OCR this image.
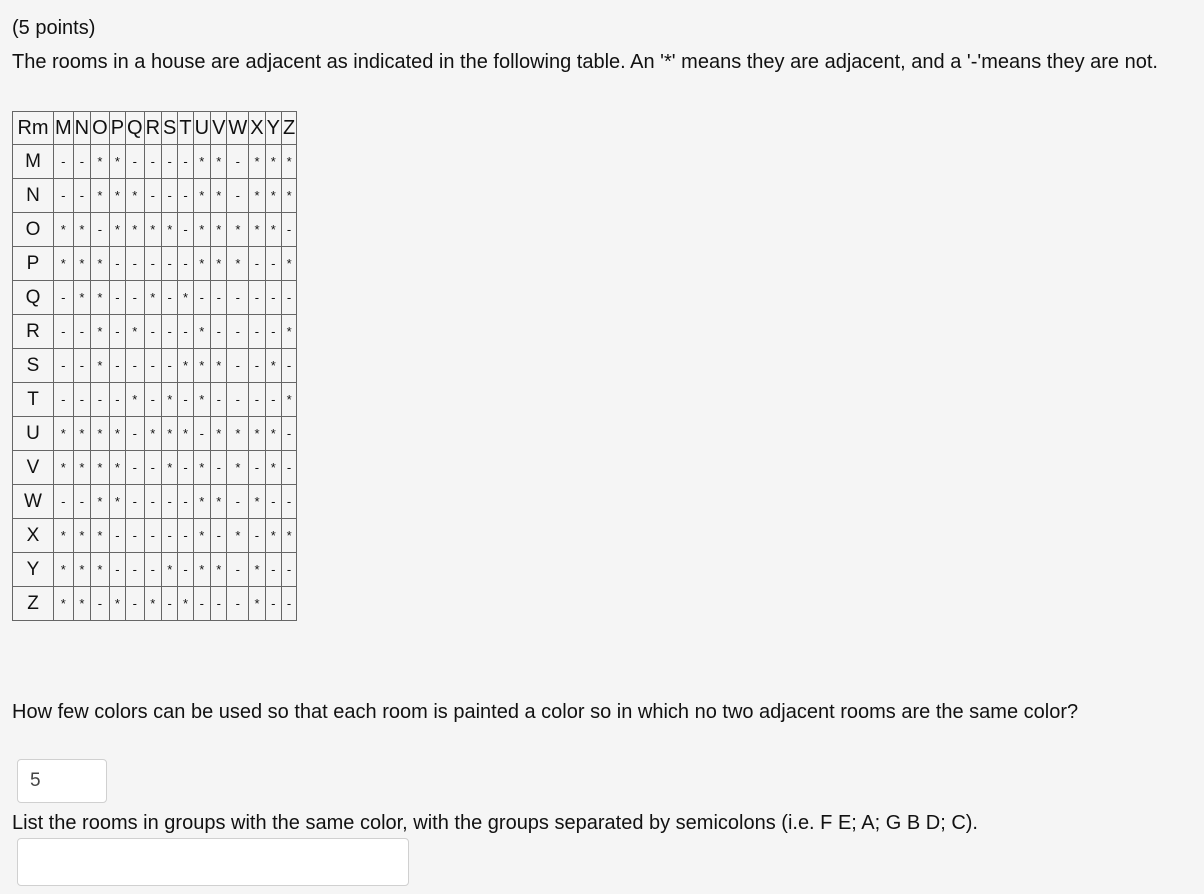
(5 points)
The rooms in a house are adjacent as indicated in the following table. An '*' means they are adjacent, and a '-'means they are not.
Rm	M	N	O	P	Q	R	S	T	U	V	W	X	Y	Z
M	-	-	*	*	-	-	-	-	*	*	-	*	*	*
N	-	-	*	*	*	-	-	-	*	*	-	*	*	*
O	*	*	-	*	*	*	*	-	*	*	*	*	*	-
P	*	*	*	-	-	-	-	-	*	*	*	-	-	*
Q	-	*	*	-	-	*	-	*	-	-	-	-	-	-
R	-	-	*	-	*	-	-	-	*	-	-	-	-	*
S	-	-	*	-	-	-	-	*	*	*	-	-	*	-
T	-	-	-	-	*	-	*	-	*	-	-	-	-	*
U	*	*	*	*	-	*	*	*	-	*	*	*	*	-
V	*	*	*	*	-	-	*	-	*	-	*	-	*	-
W	-	-	*	*	-	-	-	-	*	*	-	*	-	-
X	*	*	*	-	-	-	-	-	*	-	*	-	*	*
Y	*	*	*	-	-	-	*	-	*	*	-	*	-	-
Z	*	*	-	*	-	*	-	*	-	-	-	*	-	-
How few colors can be used so that each room is painted a color so in which no two adjacent rooms are the same color?
5
List the rooms in groups with the same color, with the groups separated by semicolons (i.e. F E; A; G B D; C).
